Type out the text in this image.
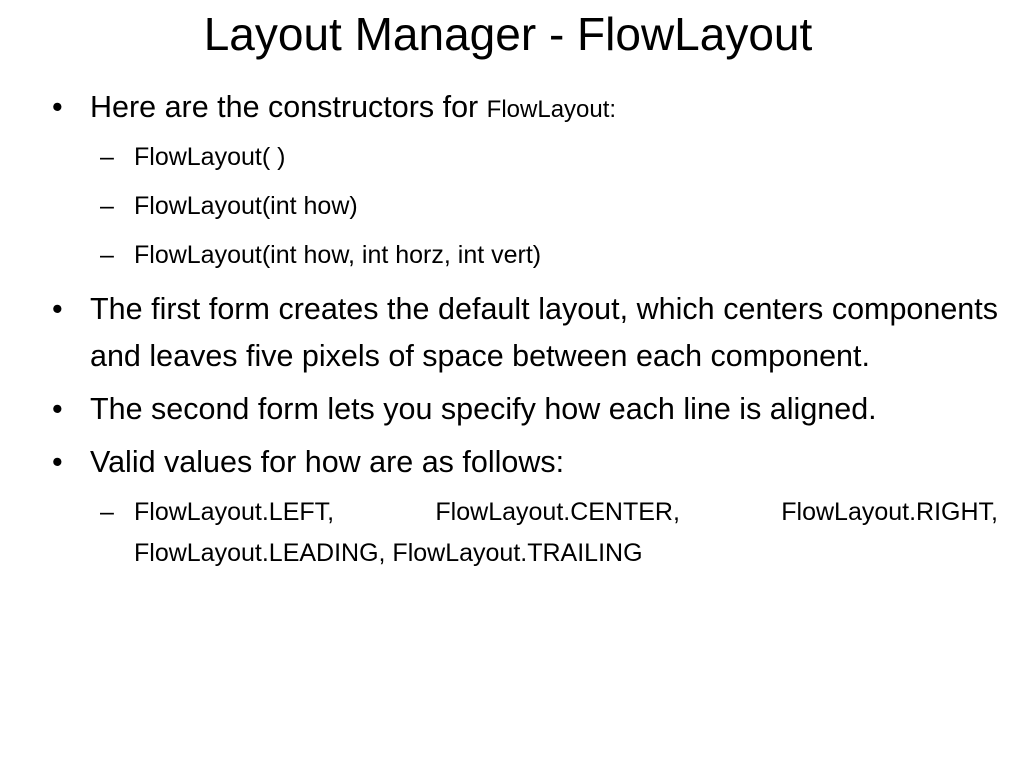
Layout Manager - FlowLayout

• Here are the constructors for FlowLayout:

– FlowLayout( )

– FlowLayout(int how)

– FlowLayout(int how, int horz, int vert)

• The first form creates the default layout, which centers components and leaves five pixels of space between each component.

• The second form lets you specify how each line is aligned.

• Valid values for how are as follows:

– FlowLayout.LEFT, FlowLayout.CENTER, FlowLayout.RIGHT, FlowLayout.LEADING, FlowLayout.TRAILING
